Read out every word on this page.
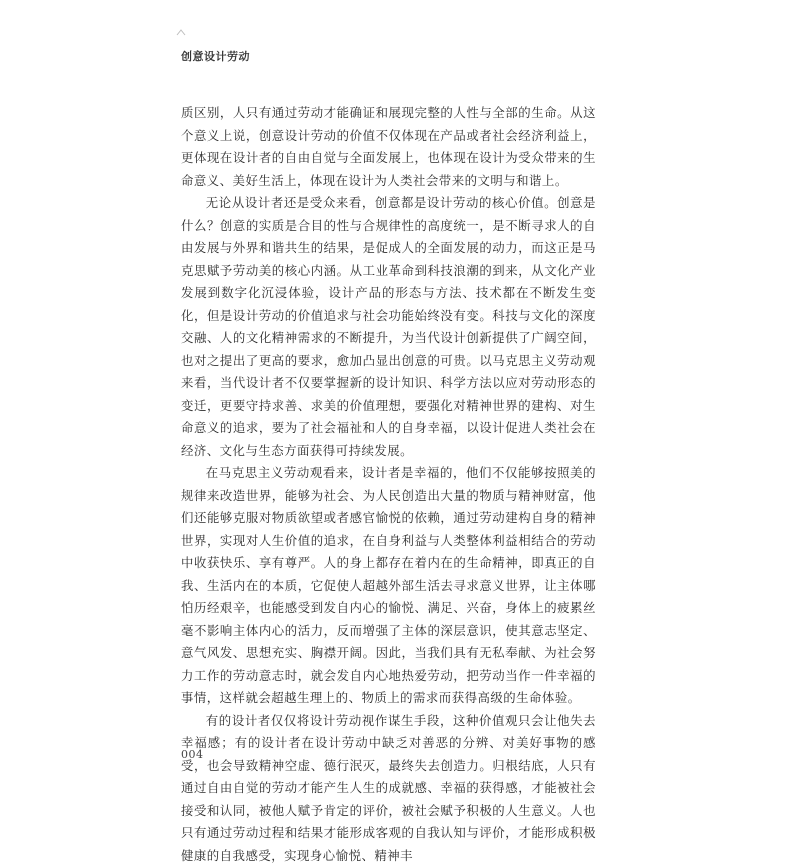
创意设计劳动

质区别，人只有通过劳动才能确证和展现完整的人性与全部的生命。从这个意义上说，创意设计劳动的价值不仅体现在产品或者社会经济利益上，更体现在设计者的自由自觉与全面发展上，也体现在设计为受众带来的生命意义、美好生活上，体现在设计为人类社会带来的文明与和谐上。

无论从设计者还是受众来看，创意都是设计劳动的核心价值。创意是什么？创意的实质是合目的性与合规律性的高度统一，是不断寻求人的自由发展与外界和谐共生的结果，是促成人的全面发展的动力，而这正是马克思赋予劳动美的核心内涵。从工业革命到科技浪潮的到来，从文化产业发展到数字化沉浸体验，设计产品的形态与方法、技术都在不断发生变化，但是设计劳动的价值追求与社会功能始终没有变。科技与文化的深度交融、人的文化精神需求的不断提升，为当代设计创新提供了广阔空间，也对之提出了更高的要求，愈加凸显出创意的可贵。以马克思主义劳动观来看，当代设计者不仅要掌握新的设计知识、科学方法以应对劳动形态的变迁，更要守持求善、求美的价值理想，要强化对精神世界的建构、对生命意义的追求，要为了社会福祉和人的自身幸福，以设计促进人类社会在经济、文化与生态方面获得可持续发展。

在马克思主义劳动观看来，设计者是幸福的，他们不仅能够按照美的规律来改造世界，能够为社会、为人民创造出大量的物质与精神财富，他们还能够克服对物质欲望或者感官愉悦的依赖，通过劳动建构自身的精神世界，实现对人生价值的追求，在自身利益与人类整体利益相结合的劳动中收获快乐、享有尊严。人的身上都存在着内在的生命精神，即真正的自我、生活内在的本质，它促使人超越外部生活去寻求意义世界，让主体哪怕历经艰辛，也能感受到发自内心的愉悦、满足、兴奋，身体上的疲累丝毫不影响主体内心的活力，反而增强了主体的深层意识，使其意志坚定、意气风发、思想充实、胸襟开阔。因此，当我们具有无私奉献、为社会努力工作的劳动意志时，就会发自内心地热爱劳动，把劳动当作一件幸福的事情，这样就会超越生理上的、物质上的需求而获得高级的生命体验。

有的设计者仅仅将设计劳动视作谋生手段，这种价值观只会让他失去幸福感；有的设计者在设计劳动中缺乏对善恶的分辨、对美好事物的感受，也会导致精神空虚、德行泯灭，最终失去创造力。归根结底，人只有通过自由自觉的劳动才能产生人生的成就感、幸福的获得感，才能被社会接受和认同，被他人赋予肯定的评价，被社会赋予积极的人生意义。人也只有通过劳动过程和结果才能形成客观的自我认知与评价，才能形成积极健康的自我感受，实现身心愉悦、精神丰

004
